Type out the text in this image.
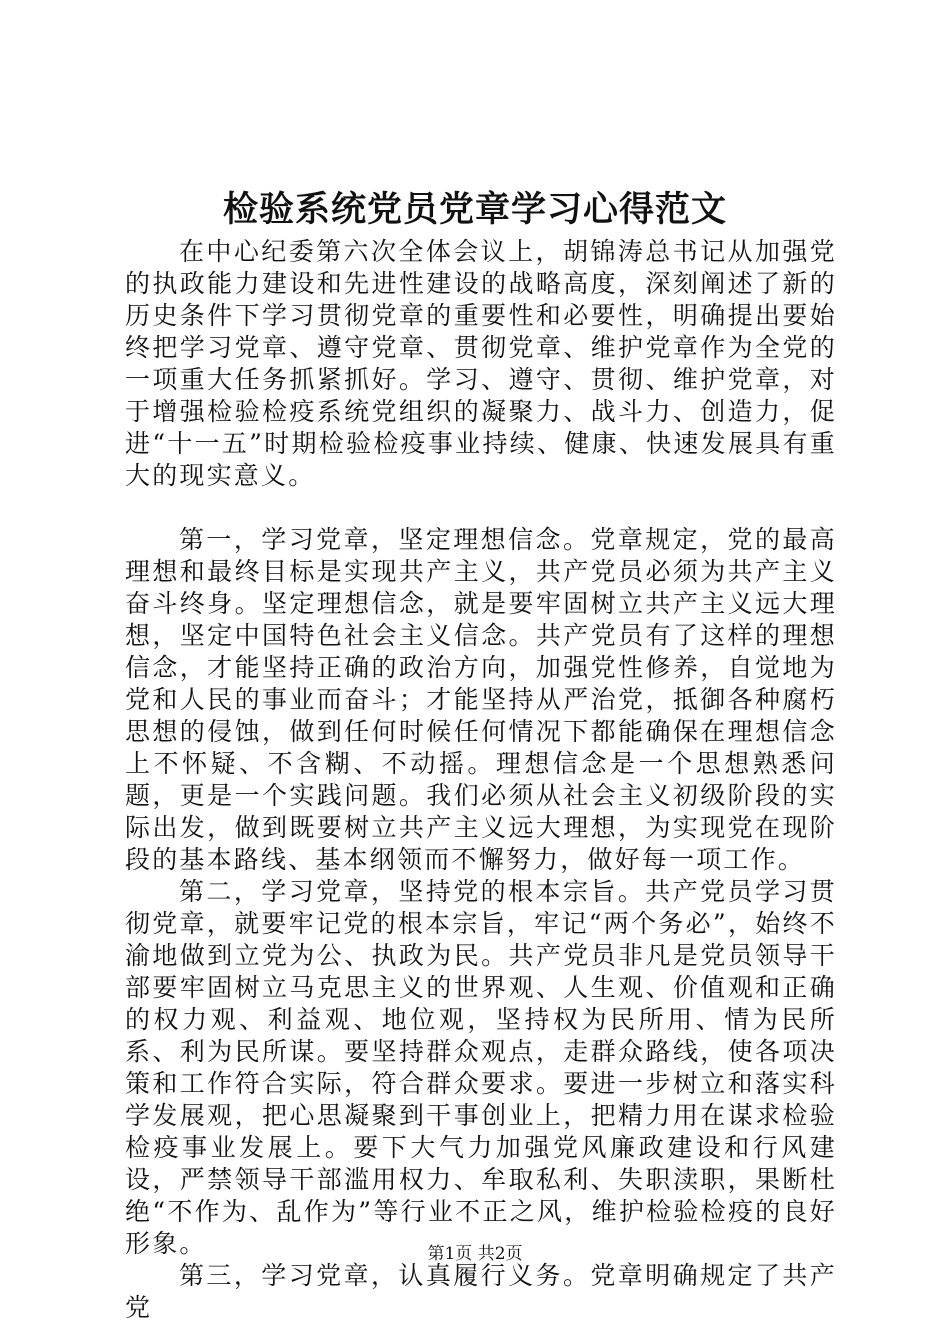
检验系统党员党章学习心得范文

在中心纪委第六次全体会议上，胡锦涛总书记从加强党的执政能力建设和先进性建设的战略高度，深刻阐述了新的历史条件下学习贯彻党章的重要性和必要性，明确提出要始终把学习党章、遵守党章、贯彻党章、维护党章作为全党的一项重大任务抓紧抓好。学习、遵守、贯彻、维护党章，对于增强检验检疫系统党组织的凝聚力、战斗力、创造力，促进“十一五”时期检验检疫事业持续、健康、快速发展具有重大的现实意义。

第一，学习党章，坚定理想信念。党章规定，党的最高理想和最终目标是实现共产主义，共产党员必须为共产主义奋斗终身。坚定理想信念，就是要牢固树立共产主义远大理想，坚定中国特色社会主义信念。共产党员有了这样的理想信念，才能坚持正确的政治方向，加强党性修养，自觉地为党和人民的事业而奋斗；才能坚持从严治党，抵御各种腐朽思想的侵蚀，做到任何时候任何情况下都能确保在理想信念上不怀疑、不含糊、不动摇。理想信念是一个思想熟悉问题，更是一个实践问题。我们必须从社会主义初级阶段的实际出发，做到既要树立共产主义远大理想，为实现党在现阶段的基本路线、基本纲领而不懈努力，做好每一项工作。

第二，学习党章，坚持党的根本宗旨。共产党员学习贯彻党章，就要牢记党的根本宗旨，牢记“两个务必”，始终不渝地做到立党为公、执政为民。共产党员非凡是党员领导干部要牢固树立马克思主义的世界观、人生观、价值观和正确的权力观、利益观、地位观，坚持权为民所用、情为民所系、利为民所谋。要坚持群众观点，走群众路线，使各项决策和工作符合实际，符合群众要求。要进一步树立和落实科学发展观，把心思凝聚到干事创业上，把精力用在谋求检验检疫事业发展上。要下大气力加强党风廉政建设和行风建设，严禁领导干部滥用权力、牟取私利、失职渎职，果断杜绝“不作为、乱作为”等行业不正之风，维护检验检疫的良好形象。

第三，学习党章，认真履行义务。党章明确规定了共产党

第1页 共2页
